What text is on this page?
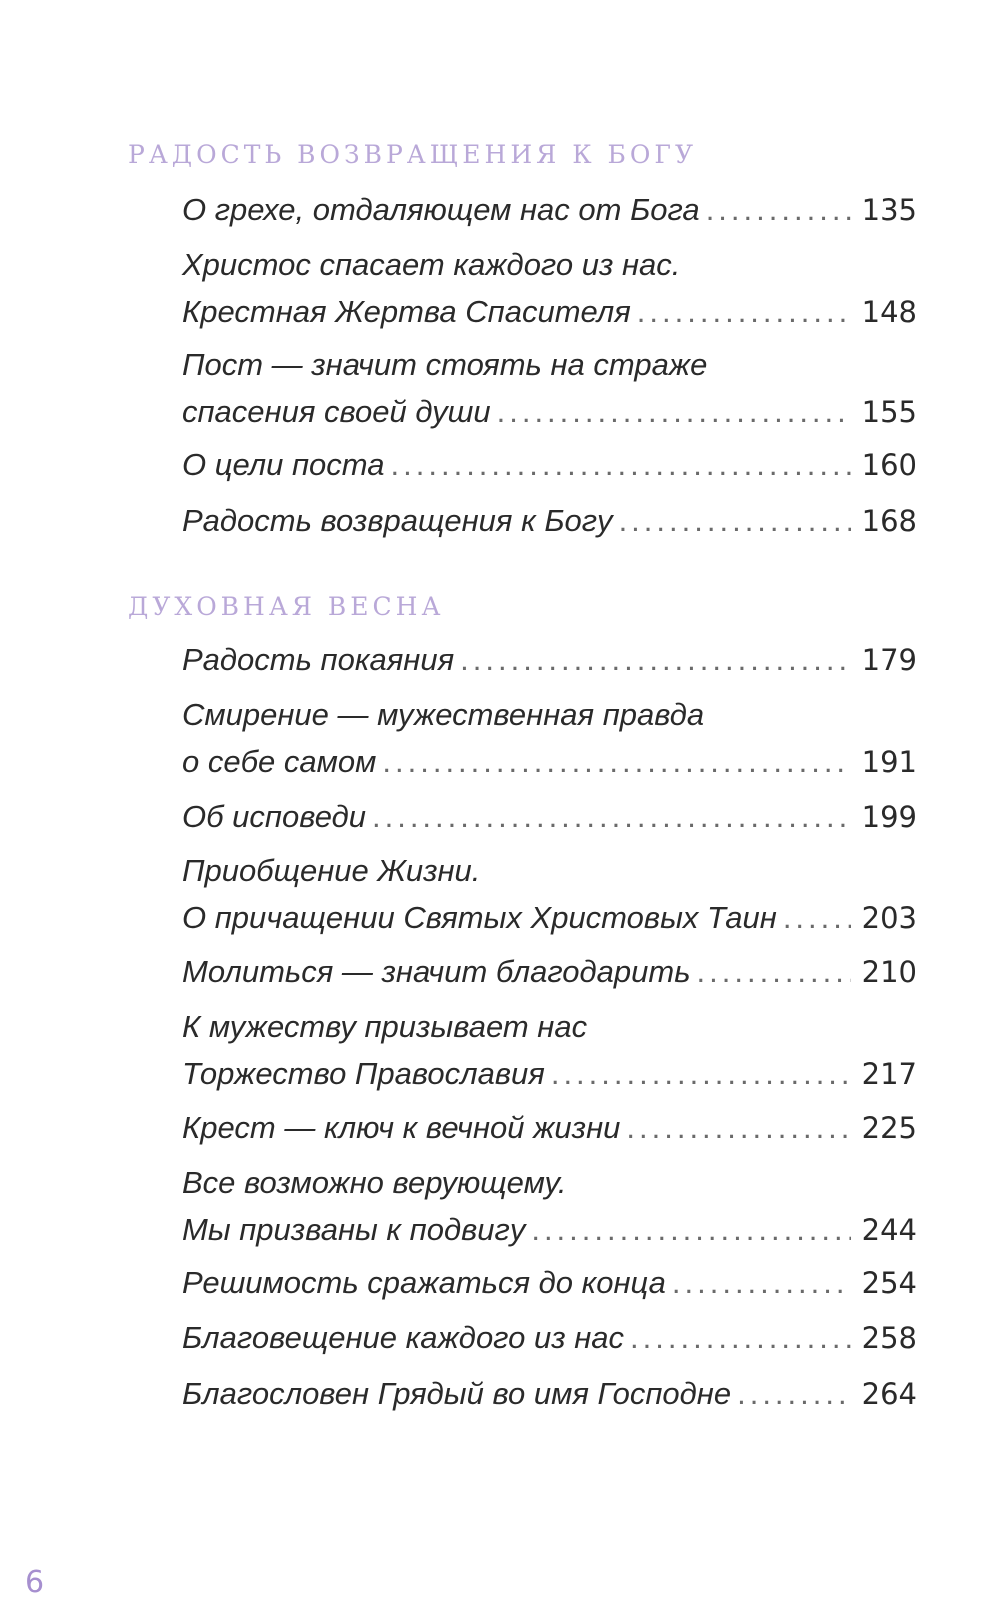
РАДОСТЬ ВОЗВРАЩЕНИЯ К БОГУ
О грехе, отдаляющем нас от Бога .....	135
Христос спасает каждого из нас.
Крестная Жертва Спасителя .....	148
Пост — значит стоять на страже
спасения своей души .....	155
О цели поста .....	160
Радость возвращения к Богу .....	168
ДУХОВНАЯ ВЕСНА
Радость покаяния .....	179
Смирение — мужественная правда
о себе самом .....	191
Об исповеди .....	199
Приобщение Жизни.
О причащении Святых Христовых Таин .....	203
Молиться — значит благодарить .....	210
К мужеству призывает нас
Торжество Православия .....	217
Крест — ключ к вечной жизни .....	225
Все возможно верующему.
Мы призваны к подвигу .....	244
Решимость сражаться до конца .....	254
Благовещение каждого из нас .....	258
Благословен Грядый во имя Господне .....	264
6
